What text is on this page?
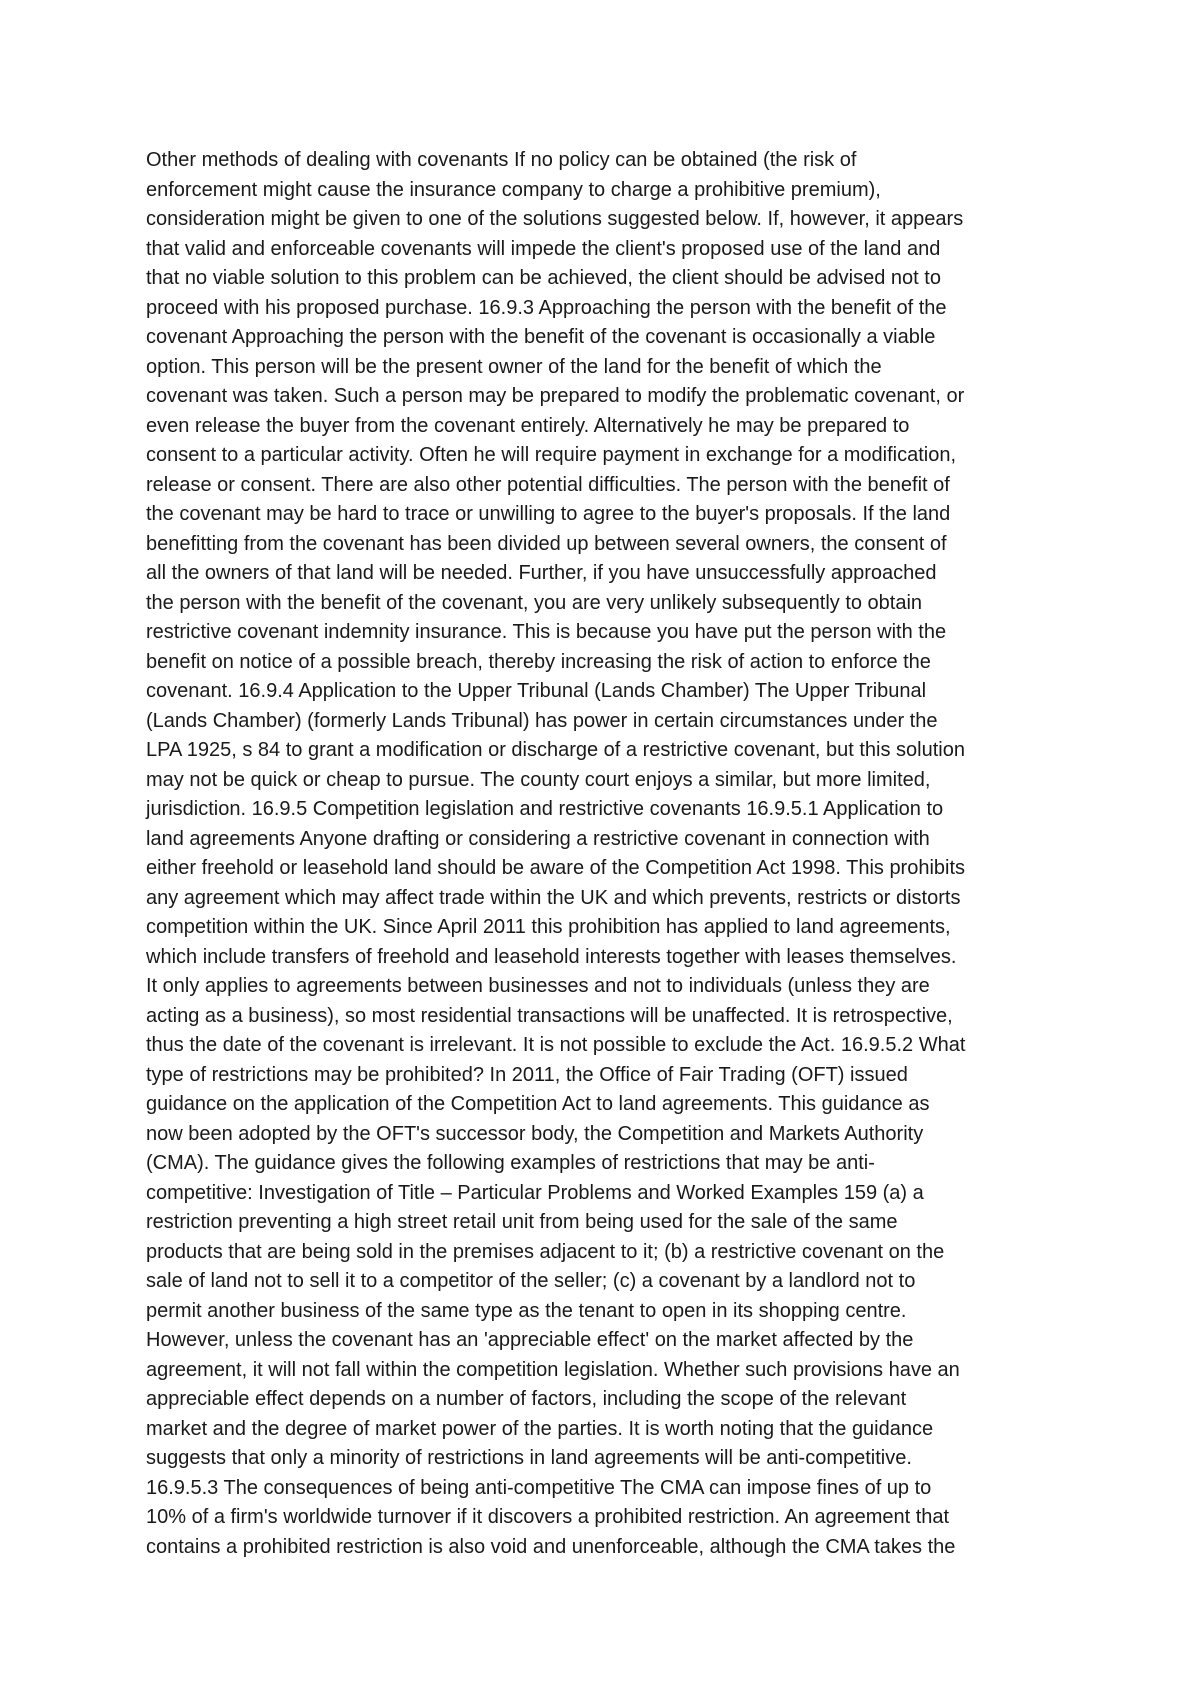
Other methods of dealing with covenants If no policy can be obtained (the risk of
enforcement might cause the insurance company to charge a prohibitive premium),
consideration might be given to one of the solutions suggested below. If, however, it appears
that valid and enforceable covenants will impede the client's proposed use of the land and
that no viable solution to this problem can be achieved, the client should be advised not to
proceed with his proposed purchase. 16.9.3 Approaching the person with the benefit of the
covenant Approaching the person with the benefit of the covenant is occasionally a viable
option. This person will be the present owner of the land for the benefit of which the
covenant was taken. Such a person may be prepared to modify the problematic covenant, or
even release the buyer from the covenant entirely. Alternatively he may be prepared to
consent to a particular activity. Often he will require payment in exchange for a modification,
release or consent. There are also other potential difficulties. The person with the benefit of
the covenant may be hard to trace or unwilling to agree to the buyer's proposals. If the land
benefitting from the covenant has been divided up between several owners, the consent of
all the owners of that land will be needed. Further, if you have unsuccessfully approached
the person with the benefit of the covenant, you are very unlikely subsequently to obtain
restrictive covenant indemnity insurance. This is because you have put the person with the
benefit on notice of a possible breach, thereby increasing the risk of action to enforce the
covenant. 16.9.4 Application to the Upper Tribunal (Lands Chamber) The Upper Tribunal
(Lands Chamber) (formerly Lands Tribunal) has power in certain circumstances under the
LPA 1925, s 84 to grant a modification or discharge of a restrictive covenant, but this solution
may not be quick or cheap to pursue. The county court enjoys a similar, but more limited,
jurisdiction. 16.9.5 Competition legislation and restrictive covenants 16.9.5.1 Application to
land agreements Anyone drafting or considering a restrictive covenant in connection with
either freehold or leasehold land should be aware of the Competition Act 1998. This prohibits
any agreement which may affect trade within the UK and which prevents, restricts or distorts
competition within the UK. Since April 2011 this prohibition has applied to land agreements,
which include transfers of freehold and leasehold interests together with leases themselves.
It only applies to agreements between businesses and not to individuals (unless they are
acting as a business), so most residential transactions will be unaffected. It is retrospective,
thus the date of the covenant is irrelevant. It is not possible to exclude the Act. 16.9.5.2 What
type of restrictions may be prohibited? In 2011, the Office of Fair Trading (OFT) issued
guidance on the application of the Competition Act to land agreements. This guidance as
now been adopted by the OFT's successor body, the Competition and Markets Authority
(CMA). The guidance gives the following examples of restrictions that may be anti-
competitive: Investigation of Title – Particular Problems and Worked Examples 159 (a) a
restriction preventing a high street retail unit from being used for the sale of the same
products that are being sold in the premises adjacent to it; (b) a restrictive covenant on the
sale of land not to sell it to a competitor of the seller; (c) a covenant by a landlord not to
permit another business of the same type as the tenant to open in its shopping centre.
However, unless the covenant has an 'appreciable effect' on the market affected by the
agreement, it will not fall within the competition legislation. Whether such provisions have an
appreciable effect depends on a number of factors, including the scope of the relevant
market and the degree of market power of the parties. It is worth noting that the guidance
suggests that only a minority of restrictions in land agreements will be anti-competitive.
16.9.5.3 The consequences of being anti-competitive The CMA can impose fines of up to
10% of a firm's worldwide turnover if it discovers a prohibited restriction. An agreement that
contains a prohibited restriction is also void and unenforceable, although the CMA takes the
